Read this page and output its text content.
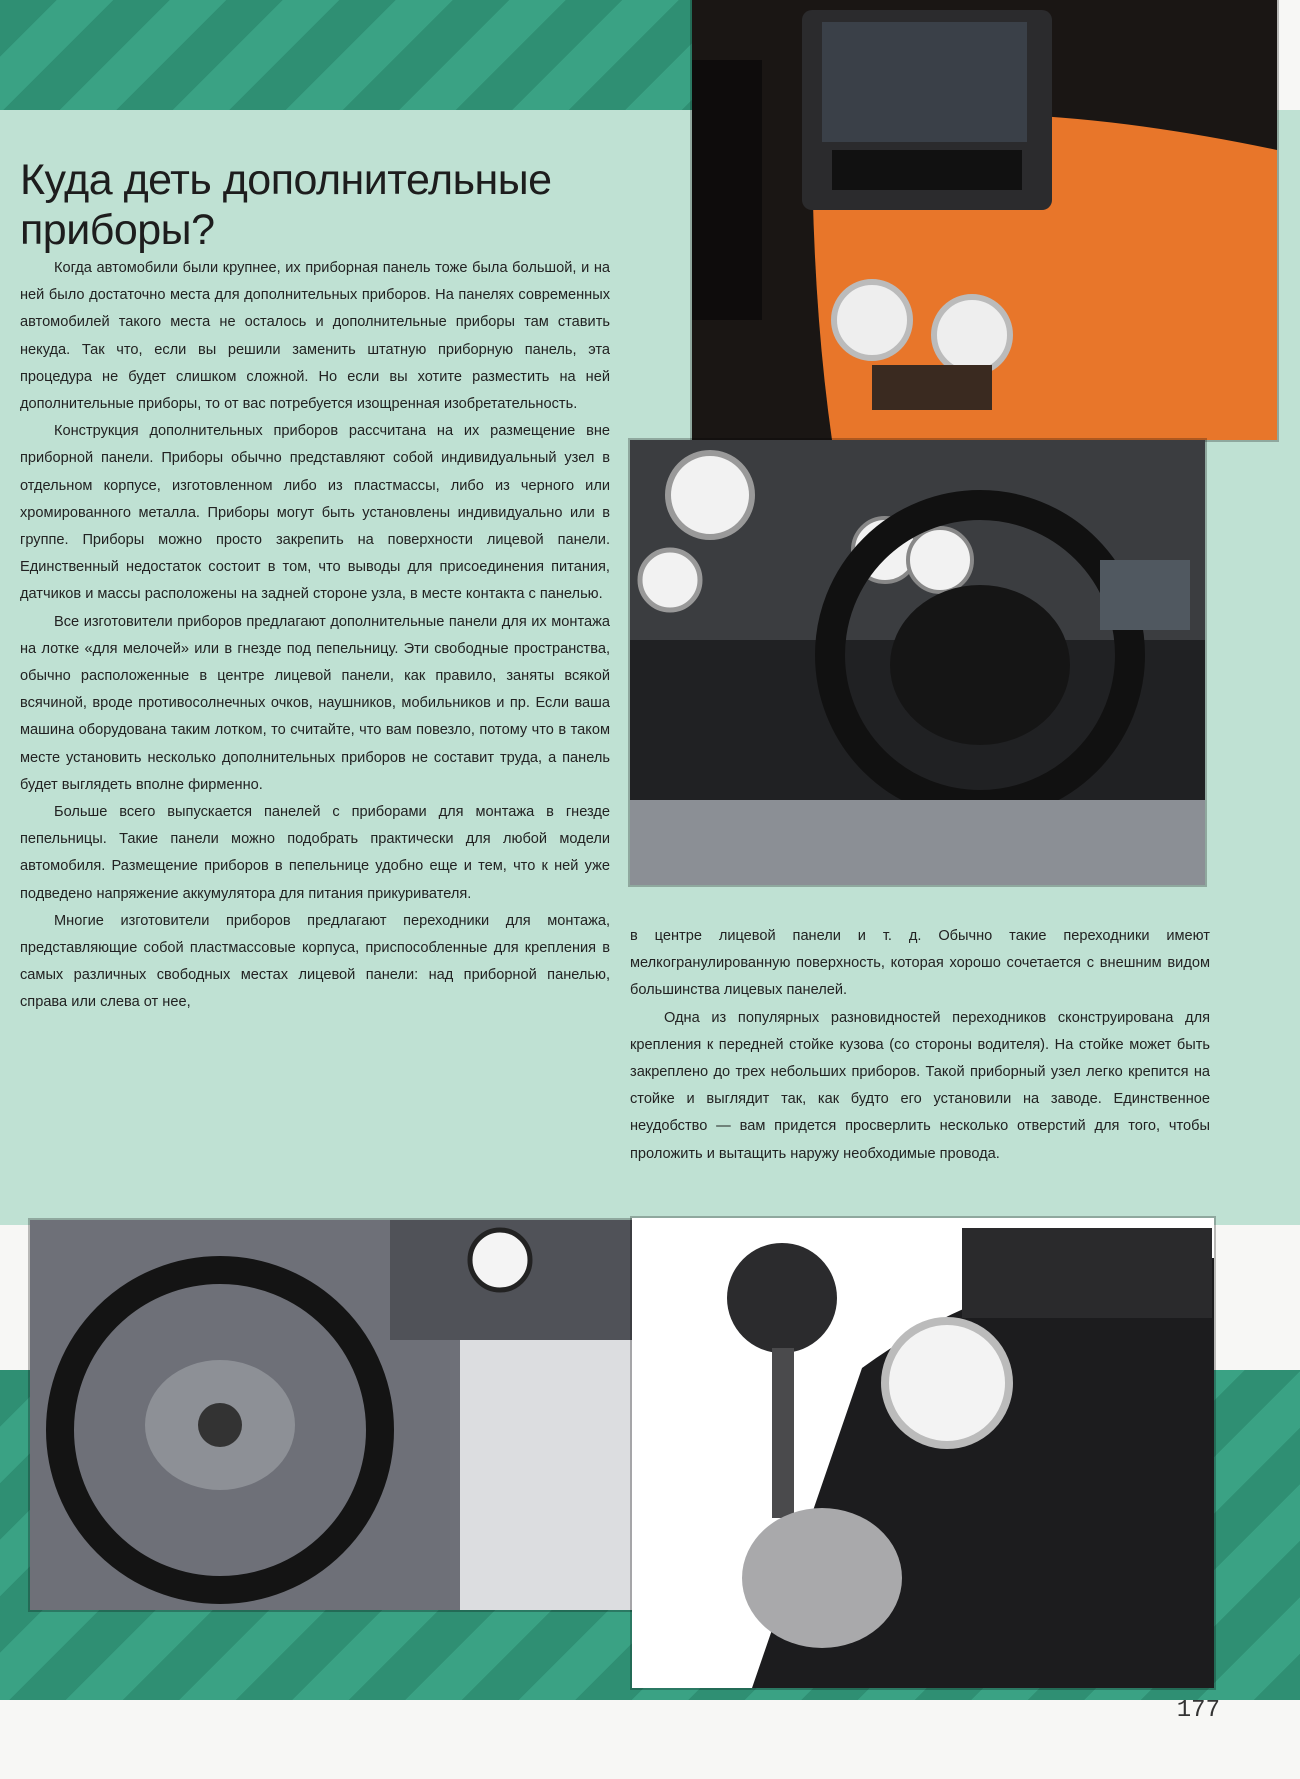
Куда деть дополнительные приборы?

Когда автомобили были крупнее, их приборная панель тоже была большой, и на ней было достаточно места для дополнительных приборов. На панелях современных автомобилей такого места не осталось и дополнительные приборы там ставить некуда. Так что, если вы решили заменить штатную приборную панель, эта процедура не будет слишком сложной. Но если вы хотите разместить на ней дополнительные приборы, то от вас потребуется изощренная изобретательность.

Конструкция дополнительных приборов рассчитана на их размещение вне приборной панели. Приборы обычно представляют собой индивидуальный узел в отдельном корпусе, изготовленном либо из пластмассы, либо из черного или хромированного металла. Приборы могут быть установлены индивидуально или в группе. Приборы можно просто закрепить на поверхности лицевой панели. Единственный недостаток состоит в том, что выводы для присоединения питания, датчиков и массы расположены на задней стороне узла, в месте контакта с панелью.

Все изготовители приборов предлагают дополнительные панели для их монтажа на лотке «для мелочей» или в гнезде под пепельницу. Эти свободные пространства, обычно расположенные в центре лицевой панели, как правило, заняты всякой всячиной, вроде противосолнечных очков, наушников, мобильников и пр. Если ваша машина оборудована таким лотком, то считайте, что вам повезло, потому что в таком месте установить несколько дополнительных приборов не составит труда, а панель будет выглядеть вполне фирменно.

Больше всего выпускается панелей с приборами для монтажа в гнезде пепельницы. Такие панели можно подобрать практически для любой модели автомобиля. Размещение приборов в пепельнице удобно еще и тем, что к ней уже подведено напряжение аккумулятора для питания прикуривателя.

Многие изготовители приборов предлагают переходники для монтажа, представляющие собой пластмассовые корпуса, приспособленные для крепления в самых различных свободных местах лицевой панели: над приборной панелью, справа или слева от нее,

в центре лицевой панели и т. д. Обычно такие переходники имеют мелкогранулированную поверхность, которая хорошо сочетается с внешним видом большинства лицевых панелей.

Одна из популярных разновидностей переходников сконструирована для крепления к передней стойке кузова (со стороны водителя). На стойке может быть закреплено до трех небольших приборов. Такой приборный узел легко крепится на стойке и выглядит так, как будто его установили на заводе. Единственное неудобство — вам придется просверлить несколько отверстий для того, чтобы проложить и вытащить наружу необходимые провода.

177
